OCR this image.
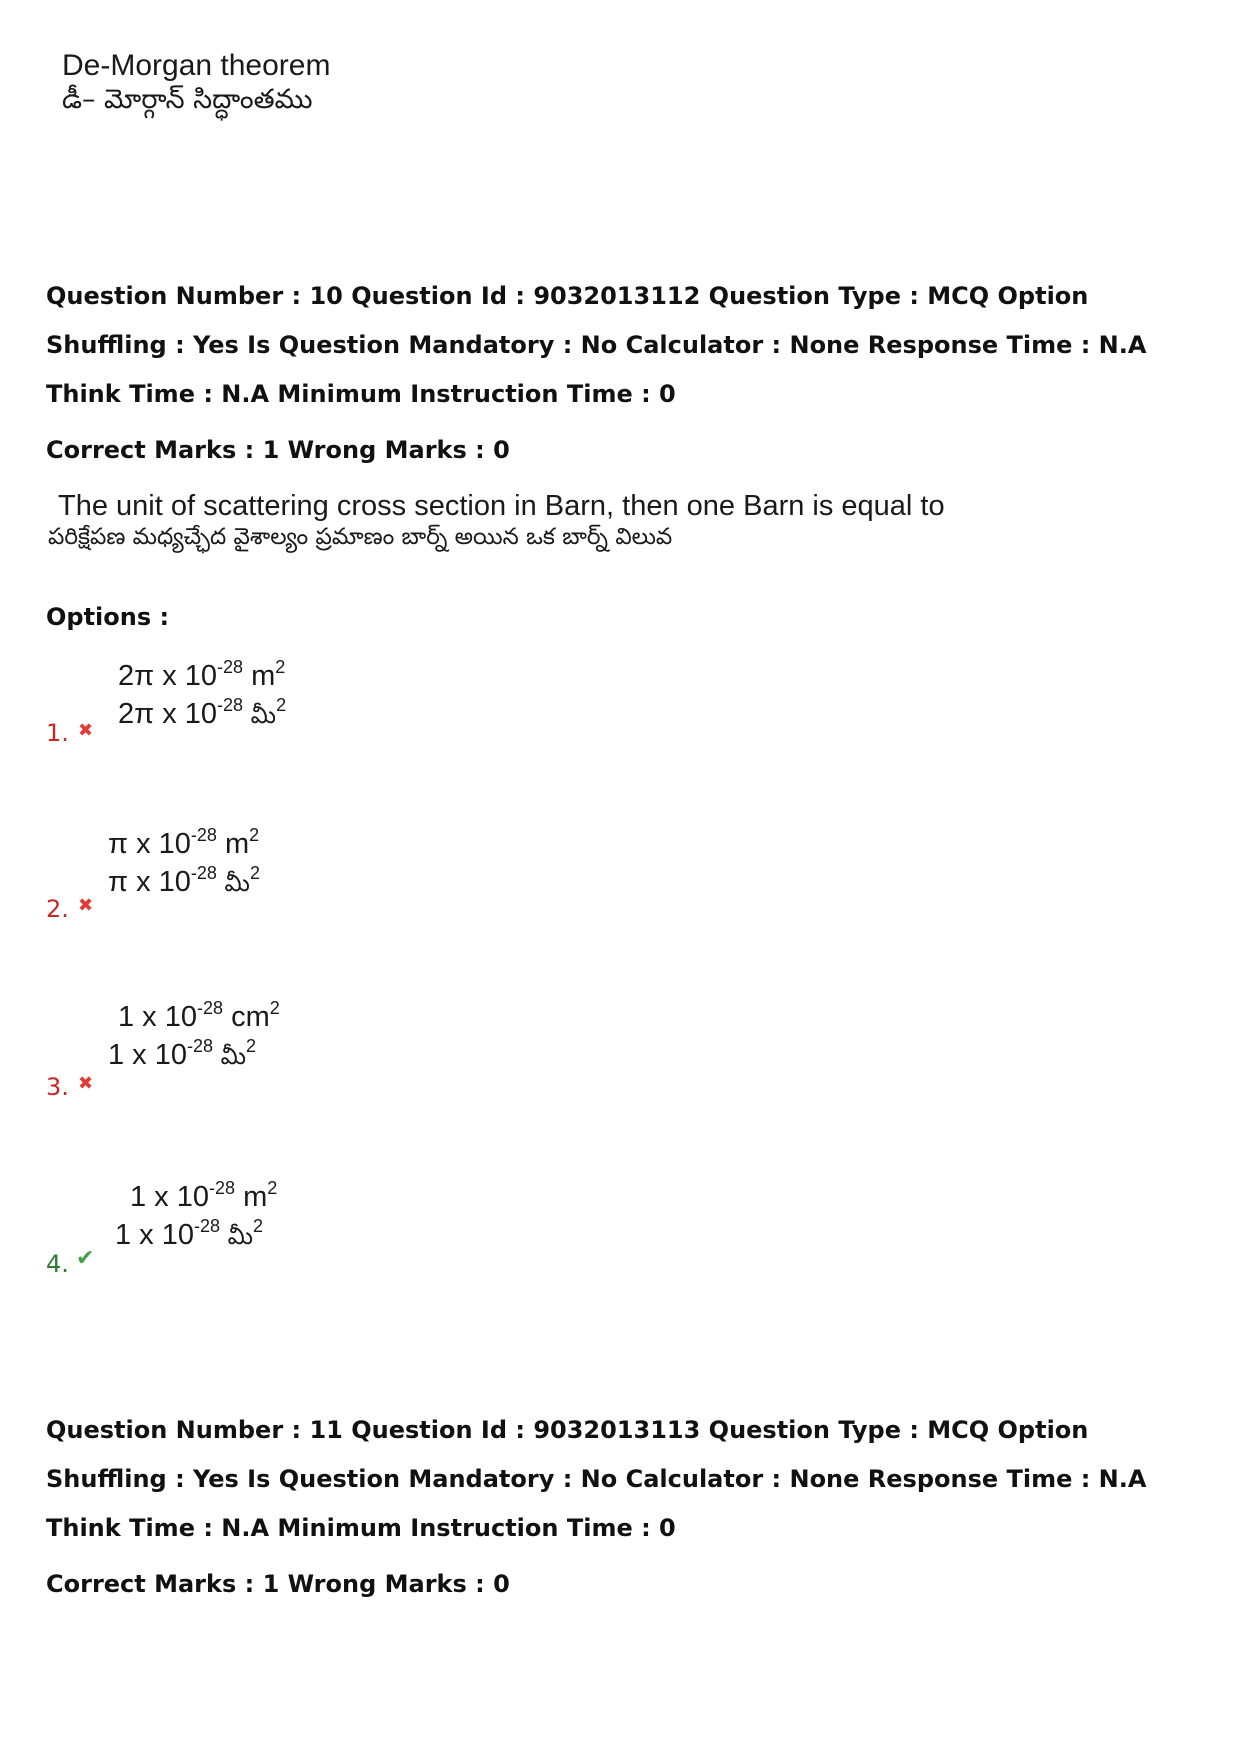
De-Morgan theorem
డీ– మోర్గాన్ సిద్ధాంతము
Question Number : 10 Question Id : 9032013112 Question Type : MCQ Option Shuffling : Yes Is Question Mandatory : No Calculator : None Response Time : N.A Think Time : N.A Minimum Instruction Time : 0
Correct Marks : 1 Wrong Marks : 0
The unit of scattering cross section in Barn, then one Barn is equal to
పరిక్షేపణ మధ్యచ్ఛేద వైశాల్యం ప్రమాణం బార్న్ అయిన ఒక బార్న్ విలువ
Options :
2π x $10^{-28}$ $m^2$
2π x $10^{-28}$ మీ$^2$
1. ✖
π x $10^{-28}$ $m^2$
π x $10^{-28}$ మీ$^2$
2. ✖
1 x $10^{-28}$ $cm^2$
1 x $10^{-28}$ మీ$^2$
3. ✖
1 x $10^{-28}$ $m^2$
1 x $10^{-28}$ మీ$^2$
4. ✔
Question Number : 11 Question Id : 9032013113 Question Type : MCQ Option Shuffling : Yes Is Question Mandatory : No Calculator : None Response Time : N.A Think Time : N.A Minimum Instruction Time : 0
Correct Marks : 1 Wrong Marks : 0
